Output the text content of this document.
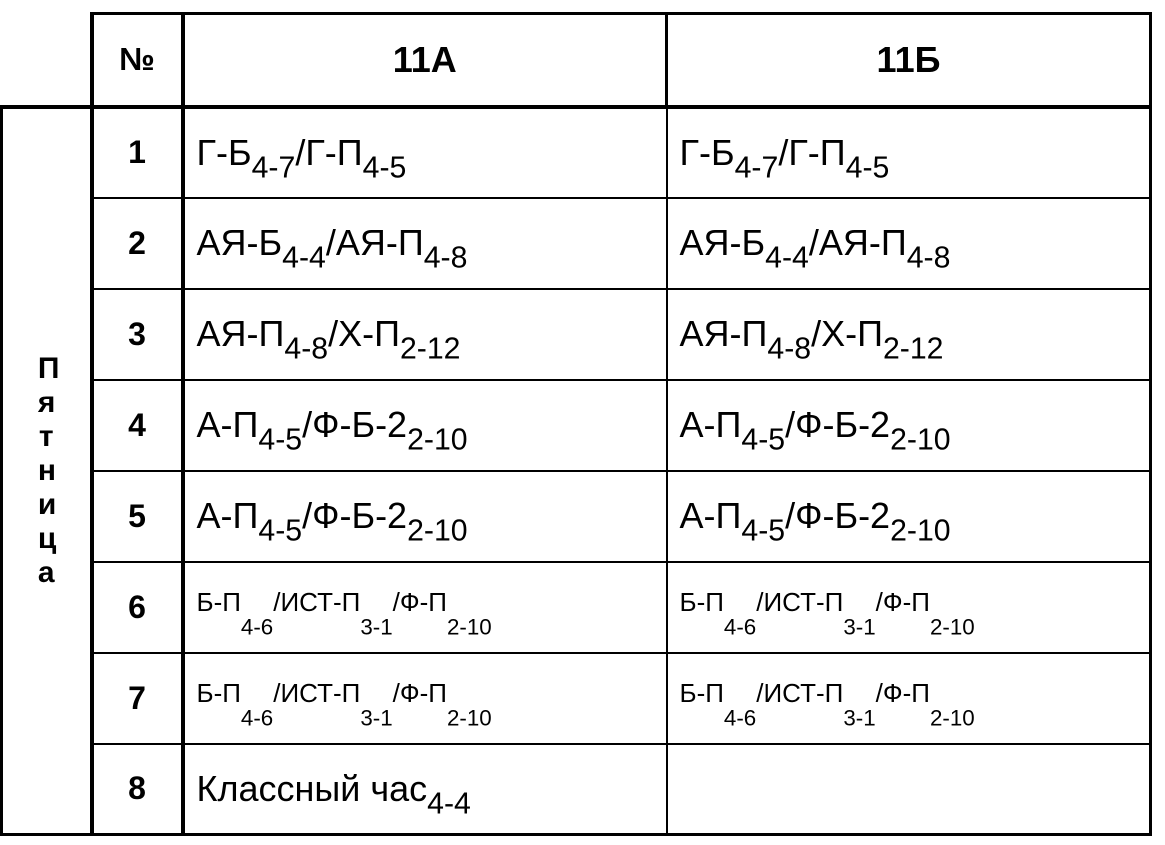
	№	11А	11Б
Пятница	1	$Г-Б_{4-7}/Г-П_{4-5}$	$Г-Б_{4-7}/Г-П_{4-5}$
	2	$АЯ-Б_{4-4}/АЯ-П_{4-8}$	$АЯ-Б_{4-4}/АЯ-П_{4-8}$
	3	$АЯ-П_{4-8}/Х-П_{2-12}$	$АЯ-П_{4-8}/Х-П_{2-12}$
	4	$А-П_{4-5}/Ф-Б-2_{2-10}$	$А-П_{4-5}/Ф-Б-2_{2-10}$
	5	$А-П_{4-5}/Ф-Б-2_{2-10}$	$А-П_{4-5}/Ф-Б-2_{2-10}$
	6	$Б-П_{4-6}/ИСТ-П_{3-1}/Ф-П_{2-10}$	$Б-П_{4-6}/ИСТ-П_{3-1}/Ф-П_{2-10}$
	7	$Б-П_{4-6}/ИСТ-П_{3-1}/Ф-П_{2-10}$	$Б-П_{4-6}/ИСТ-П_{3-1}/Ф-П_{2-10}$
	8	Классный час$_{4-4}$	
